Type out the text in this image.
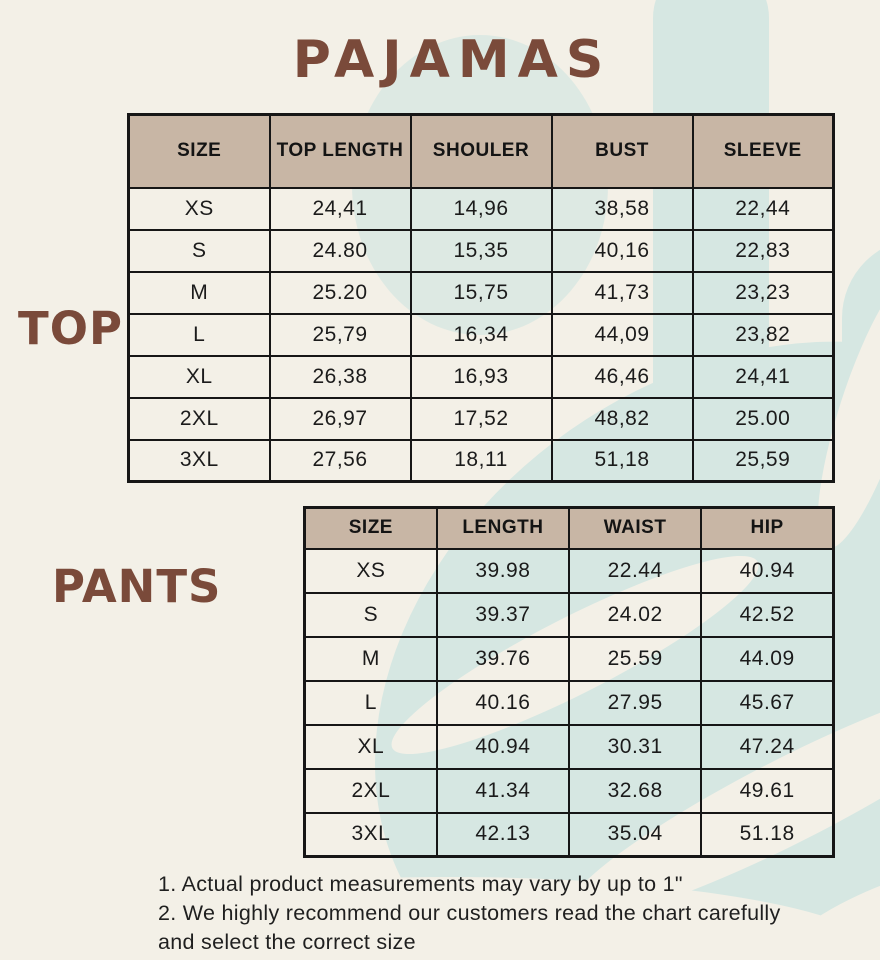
PAJAMAS
TOP
PANTS
SIZE	TOP LENGTH	SHOULER	BUST	SLEEVE
XS	24,41	14,96	38,58	22,44
S	24.80	15,35	40,16	22,83
M	25.20	15,75	41,73	23,23
L	25,79	16,34	44,09	23,82
XL	26,38	16,93	46,46	24,41
2XL	26,97	17,52	48,82	25.00
3XL	27,56	18,11	51,18	25,59
SIZE	LENGTH	WAIST	HIP
XS	39.98	22.44	40.94
S	39.37	24.02	42.52
M	39.76	25.59	44.09
L	40.16	27.95	45.67
XL	40.94	30.31	47.24
2XL	41.34	32.68	49.61
3XL	42.13	35.04	51.18

1. Actual product measurements may vary by up to 1"

2. We highly recommend our customers read the chart carefully

and select the correct size
